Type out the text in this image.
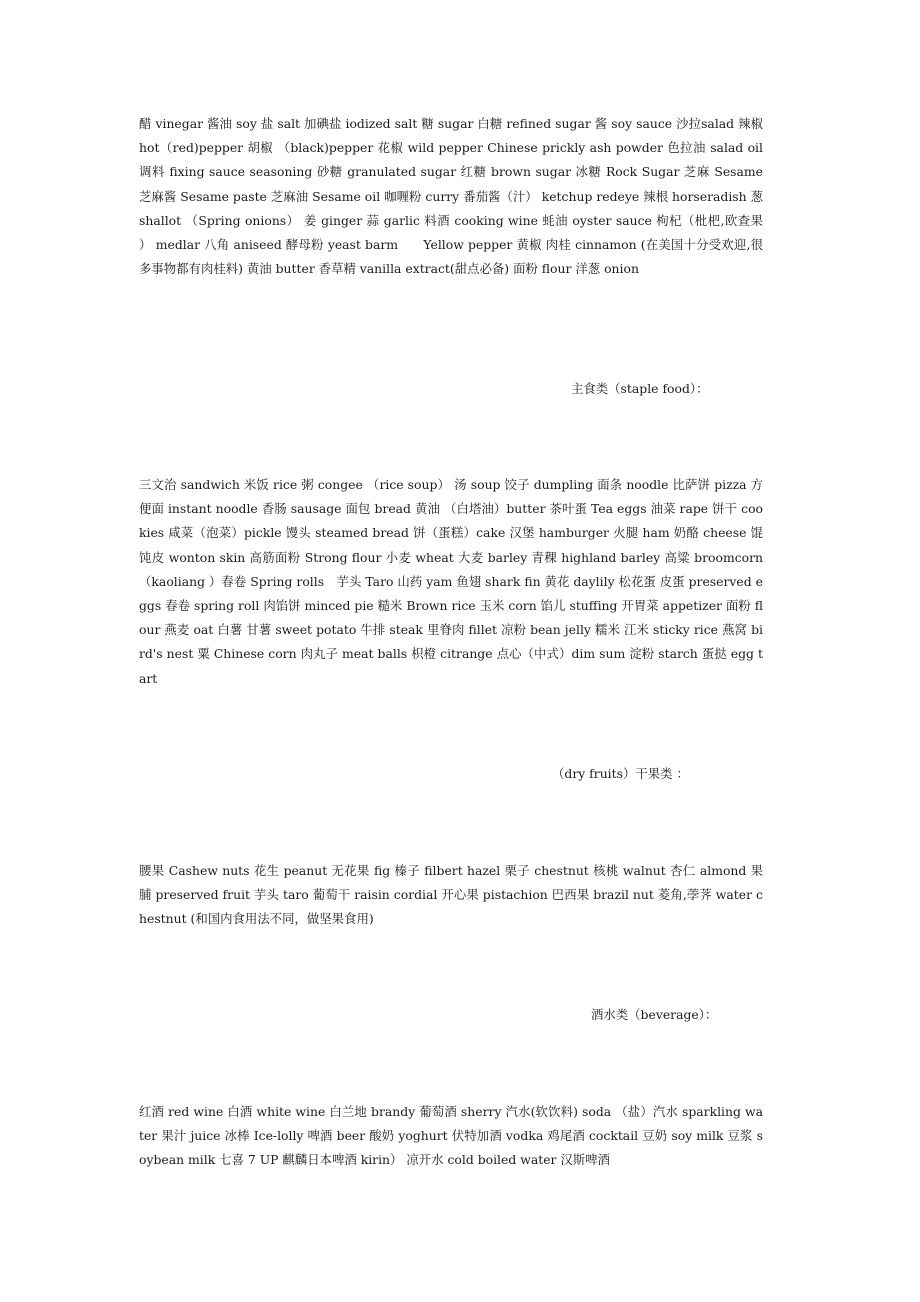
醋 vinegar 酱油 soy 盐 salt 加碘盐 iodized salt 糖 sugar 白糖 refined sugar 酱 soy sauce 沙拉salad 辣椒 hot（red)pepper 胡椒 （black)pepper 花椒 wild pepper Chinese prickly ash powder 色拉油 salad oil 调料 fixing sauce seasoning 砂糖 granulated sugar 红糖 brown sugar 冰糖 Rock Sugar 芝麻 Sesame 芝麻酱 Sesame paste 芝麻油 Sesame oil 咖喱粉 curry 番茄酱（汁） ketchup redeye 辣根 horseradish 葱 shallot （Spring onions） 姜 ginger 蒜 garlic 料酒 cooking wine 蚝油 oyster sauce 枸杞（枇杷,欧查果 ） medlar 八角 aniseed 酵母粉 yeast barm　　Yellow pepper 黄椒 肉桂 cinnamon (在美国十分受欢迎,很多事物都有肉桂料) 黄油 butter 香草精 vanilla extract(甜点必备) 面粉 flour 洋葱 onion

主食类（staple food）：

三文治 sandwich 米饭 rice 粥 congee （rice soup） 汤 soup 饺子 dumpling 面条 noodle 比萨饼 pizza 方便面 instant noodle 香肠 sausage 面包 bread 黄油 （白塔油）butter 茶叶蛋 Tea eggs 油菜 rape 饼干 cookies 咸菜（泡菜）pickle 馒头 steamed bread 饼（蛋糕）cake 汉堡 hamburger 火腿 ham 奶酪 cheese 馄饨皮 wonton skin 高筋面粉 Strong flour 小麦 wheat 大麦 barley 青稞 highland barley 高粱 broomcorn （kaoliang ）春卷 Spring rolls　芋头 Taro 山药 yam 鱼翅 shark fin 黄花 daylily 松花蛋 皮蛋 preserved eggs 春卷 spring roll 肉馅饼 minced pie 糙米 Brown rice 玉米 corn 馅儿 stuffing 开胃菜 appetizer 面粉 flour 燕麦 oat 白薯 甘薯 sweet potato 牛排 steak 里脊肉 fillet 凉粉 bean jelly 糯米 江米 sticky rice 燕窝 bird's nest 粟 Chinese corn 肉丸子 meat balls 枳橙 citrange 点心（中式）dim sum 淀粉 starch 蛋挞 egg tart

（dry fruits）干果类 ：

腰果 Cashew nuts 花生 peanut 无花果 fig 榛子 filbert hazel 栗子 chestnut 核桃 walnut 杏仁 almond 果脯 preserved fruit 芋头 taro 葡萄干 raisin cordial 开心果 pistachion 巴西果 brazil nut 菱角,荸荠 water chestnut (和国内食用法不同，做坚果食用)

酒水类（beverage）：

红酒 red wine 白酒 white wine 白兰地 brandy 葡萄酒 sherry 汽水(软饮料) soda （盐）汽水 sparkling water 果汁 juice 冰棒 Ice-lolly 啤酒 beer 酸奶 yoghurt 伏特加酒 vodka 鸡尾酒 cocktail 豆奶 soy milk 豆浆 soybean milk 七喜 7 UP 麒麟日本啤酒 kirin） 凉开水 cold boiled water 汉斯啤酒
